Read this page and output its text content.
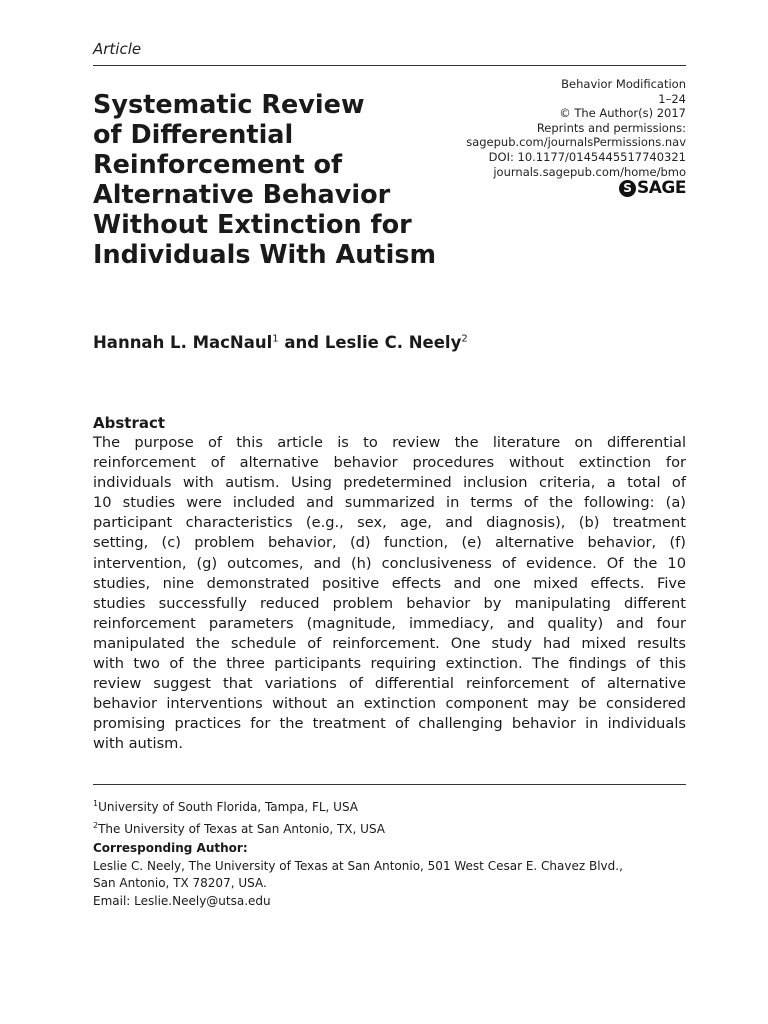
Article
Systematic Review
of Differential
Reinforcement of
Alternative Behavior
Without Extinction for
Individuals With Autism
Behavior Modification
1–24
© The Author(s) 2017
Reprints and permissions:
sagepub.com/journalsPermissions.nav
DOI: 10.1177/0145445517740321
journals.sagepub.com/home/bmo
S SAGE
Hannah L. MacNaul$^1$ and Leslie C. Neely$^2$
Abstract
The purpose of this article is to review the literature on differential
reinforcement of alternative behavior procedures without extinction for
individuals with autism. Using predetermined inclusion criteria, a total of
10 studies were included and summarized in terms of the following: (a)
participant characteristics (e.g., sex, age, and diagnosis), (b) treatment
setting, (c) problem behavior, (d) function, (e) alternative behavior, (f)
intervention, (g) outcomes, and (h) conclusiveness of evidence. Of the 10
studies, nine demonstrated positive effects and one mixed effects. Five
studies successfully reduced problem behavior by manipulating different
reinforcement parameters (magnitude, immediacy, and quality) and four
manipulated the schedule of reinforcement. One study had mixed results
with two of the three participants requiring extinction. The findings of this
review suggest that variations of differential reinforcement of alternative
behavior interventions without an extinction component may be considered
promising practices for the treatment of challenging behavior in individuals
with autism.
$^1$University of South Florida, Tampa, FL, USA
$^2$The University of Texas at San Antonio, TX, USA
Corresponding Author:
Leslie C. Neely, The University of Texas at San Antonio, 501 West Cesar E. Chavez Blvd.,
San Antonio, TX 78207, USA.
Email: Leslie.Neely@utsa.edu
